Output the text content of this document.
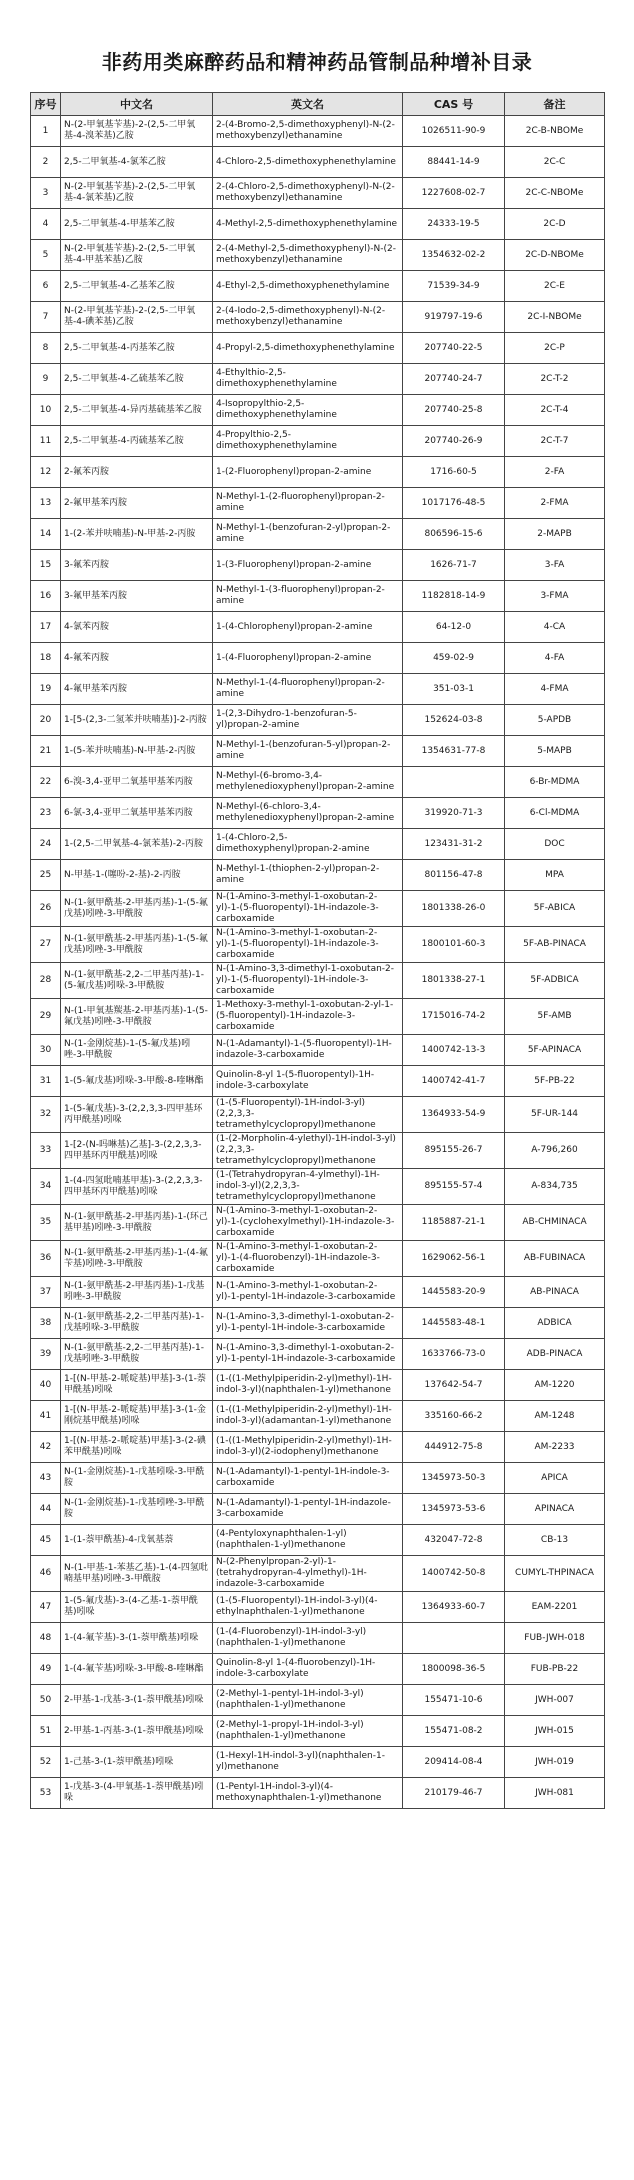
非药用类麻醉药品和精神药品管制品种增补目录
序号	中文名	英文名	CAS 号	备注
1	N-(2-甲氧基苄基)-2-(2,5-二甲氧基-4-溴苯基)乙胺	2-(4-Bromo-2,5-dimethoxyphenyl)-N-(2-methoxybenzyl)ethanamine	1026511-90-9	2C-B-NBOMe
2	2,5-二甲氧基-4-氯苯乙胺	4-Chloro-2,5-dimethoxyphenethylamine	88441-14-9	2C-C
3	N-(2-甲氧基苄基)-2-(2,5-二甲氧基-4-氯苯基)乙胺	2-(4-Chloro-2,5-dimethoxyphenyl)-N-(2-methoxybenzyl)ethanamine	1227608-02-7	2C-C-NBOMe
4	2,5-二甲氧基-4-甲基苯乙胺	4-Methyl-2,5-dimethoxyphenethylamine	24333-19-5	2C-D
5	N-(2-甲氧基苄基)-2-(2,5-二甲氧基-4-甲基苯基)乙胺	2-(4-Methyl-2,5-dimethoxyphenyl)-N-(2-methoxybenzyl)ethanamine	1354632-02-2	2C-D-NBOMe
6	2,5-二甲氧基-4-乙基苯乙胺	4-Ethyl-2,5-dimethoxyphenethylamine	71539-34-9	2C-E
7	N-(2-甲氧基苄基)-2-(2,5-二甲氧基-4-碘苯基)乙胺	2-(4-Iodo-2,5-dimethoxyphenyl)-N-(2-methoxybenzyl)ethanamine	919797-19-6	2C-I-NBOMe
8	2,5-二甲氧基-4-丙基苯乙胺	4-Propyl-2,5-dimethoxyphenethylamine	207740-22-5	2C-P
9	2,5-二甲氧基-4-乙硫基苯乙胺	4-Ethylthio-2,5-dimethoxyphenethylamine	207740-24-7	2C-T-2
10	2,5-二甲氧基-4-异丙基硫基苯乙胺	4-Isopropylthio-2,5-dimethoxyphenethylamine	207740-25-8	2C-T-4
11	2,5-二甲氧基-4-丙硫基苯乙胺	4-Propylthio-2,5-dimethoxyphenethylamine	207740-26-9	2C-T-7
12	2-氟苯丙胺	1-(2-Fluorophenyl)propan-2-amine	1716-60-5	2-FA
13	2-氟甲基苯丙胺	N-Methyl-1-(2-fluorophenyl)propan-2-amine	1017176-48-5	2-FMA
14	1-(2-苯并呋喃基)-N-甲基-2-丙胺	N-Methyl-1-(benzofuran-2-yl)propan-2-amine	806596-15-6	2-MAPB
15	3-氟苯丙胺	1-(3-Fluorophenyl)propan-2-amine	1626-71-7	3-FA
16	3-氟甲基苯丙胺	N-Methyl-1-(3-fluorophenyl)propan-2-amine	1182818-14-9	3-FMA
17	4-氯苯丙胺	1-(4-Chlorophenyl)propan-2-amine	64-12-0	4-CA
18	4-氟苯丙胺	1-(4-Fluorophenyl)propan-2-amine	459-02-9	4-FA
19	4-氟甲基苯丙胺	N-Methyl-1-(4-fluorophenyl)propan-2-amine	351-03-1	4-FMA
20	1-[5-(2,3-二氢苯并呋喃基)]-2-丙胺	1-(2,3-Dihydro-1-benzofuran-5-yl)propan-2-amine	152624-03-8	5-APDB
21	1-(5-苯并呋喃基)-N-甲基-2-丙胺	N-Methyl-1-(benzofuran-5-yl)propan-2-amine	1354631-77-8	5-MAPB
22	6-溴-3,4-亚甲二氧基甲基苯丙胺	N-Methyl-(6-bromo-3,4-methylenedioxyphenyl)propan-2-amine		6-Br-MDMA
23	6-氯-3,4-亚甲二氧基甲基苯丙胺	N-Methyl-(6-chloro-3,4-methylenedioxyphenyl)propan-2-amine	319920-71-3	6-Cl-MDMA
24	1-(2,5-二甲氧基-4-氯苯基)-2-丙胺	1-(4-Chloro-2,5-dimethoxyphenyl)propan-2-amine	123431-31-2	DOC
25	N-甲基-1-(噻吩-2-基)-2-丙胺	N-Methyl-1-(thiophen-2-yl)propan-2-amine	801156-47-8	MPA
26	N-(1-氨甲酰基-2-甲基丙基)-1-(5-氟戊基)吲唑-3-甲酰胺	N-(1-Amino-3-methyl-1-oxobutan-2-yl)-1-(5-fluoropentyl)-1H-indazole-3-carboxamide	1801338-26-0	5F-ABICA
27	N-(1-氨甲酰基-2-甲基丙基)-1-(5-氟戊基)吲唑-3-甲酰胺	N-(1-Amino-3-methyl-1-oxobutan-2-yl)-1-(5-fluoropentyl)-1H-indazole-3-carboxamide	1800101-60-3	5F-AB-PINACA
28	N-(1-氨甲酰基-2,2-二甲基丙基)-1-(5-氟戊基)吲哚-3-甲酰胺	N-(1-Amino-3,3-dimethyl-1-oxobutan-2-yl)-1-(5-fluoropentyl)-1H-indole-3-carboxamide	1801338-27-1	5F-ADBICA
29	N-(1-甲氧基羰基-2-甲基丙基)-1-(5-氟戊基)吲唑-3-甲酰胺	1-Methoxy-3-methyl-1-oxobutan-2-yl-1-(5-fluoropentyl)-1H-indazole-3-carboxamide	1715016-74-2	5F-AMB
30	N-(1-金刚烷基)-1-(5-氟戊基)吲唑-3-甲酰胺	N-(1-Adamantyl)-1-(5-fluoropentyl)-1H-indazole-3-carboxamide	1400742-13-3	5F-APINACA
31	1-(5-氟戊基)吲哚-3-甲酸-8-喹啉酯	Quinolin-8-yl 1-(5-fluoropentyl)-1H-indole-3-carboxylate	1400742-41-7	5F-PB-22
32	1-(5-氟戊基)-3-(2,2,3,3-四甲基环丙甲酰基)吲哚	(1-(5-Fluoropentyl)-1H-indol-3-yl)(2,2,3,3-tetramethylcyclopropyl)methanone	1364933-54-9	5F-UR-144
33	1-[2-(N-吗啉基)乙基]-3-(2,2,3,3-四甲基环丙甲酰基)吲哚	(1-(2-Morpholin-4-ylethyl)-1H-indol-3-yl)(2,2,3,3-tetramethylcyclopropyl)methanone	895155-26-7	A-796,260
34	1-(4-四氢吡喃基甲基)-3-(2,2,3,3-四甲基环丙甲酰基)吲哚	(1-(Tetrahydropyran-4-ylmethyl)-1H-indol-3-yl)(2,2,3,3-tetramethylcyclopropyl)methanone	895155-57-4	A-834,735
35	N-(1-氨甲酰基-2-甲基丙基)-1-(环己基甲基)吲唑-3-甲酰胺	N-(1-Amino-3-methyl-1-oxobutan-2-yl)-1-(cyclohexylmethyl)-1H-indazole-3-carboxamide	1185887-21-1	AB-CHMINACA
36	N-(1-氨甲酰基-2-甲基丙基)-1-(4-氟苄基)吲唑-3-甲酰胺	N-(1-Amino-3-methyl-1-oxobutan-2-yl)-1-(4-fluorobenzyl)-1H-indazole-3-carboxamide	1629062-56-1	AB-FUBINACA
37	N-(1-氨甲酰基-2-甲基丙基)-1-戊基吲唑-3-甲酰胺	N-(1-Amino-3-methyl-1-oxobutan-2-yl)-1-pentyl-1H-indazole-3-carboxamide	1445583-20-9	AB-PINACA
38	N-(1-氨甲酰基-2,2-二甲基丙基)-1-戊基吲哚-3-甲酰胺	N-(1-Amino-3,3-dimethyl-1-oxobutan-2-yl)-1-pentyl-1H-indole-3-carboxamide	1445583-48-1	ADBICA
39	N-(1-氨甲酰基-2,2-二甲基丙基)-1-戊基吲唑-3-甲酰胺	N-(1-Amino-3,3-dimethyl-1-oxobutan-2-yl)-1-pentyl-1H-indazole-3-carboxamide	1633766-73-0	ADB-PINACA
40	1-[(N-甲基-2-哌啶基)甲基]-3-(1-萘甲酰基)吲哚	(1-((1-Methylpiperidin-2-yl)methyl)-1H-indol-3-yl)(naphthalen-1-yl)methanone	137642-54-7	AM-1220
41	1-[(N-甲基-2-哌啶基)甲基]-3-(1-金刚烷基甲酰基)吲哚	(1-((1-Methylpiperidin-2-yl)methyl)-1H-indol-3-yl)(adamantan-1-yl)methanone	335160-66-2	AM-1248
42	1-[(N-甲基-2-哌啶基)甲基]-3-(2-碘苯甲酰基)吲哚	(1-((1-Methylpiperidin-2-yl)methyl)-1H-indol-3-yl)(2-iodophenyl)methanone	444912-75-8	AM-2233
43	N-(1-金刚烷基)-1-戊基吲哚-3-甲酰胺	N-(1-Adamantyl)-1-pentyl-1H-indole-3-carboxamide	1345973-50-3	APICA
44	N-(1-金刚烷基)-1-戊基吲唑-3-甲酰胺	N-(1-Adamantyl)-1-pentyl-1H-indazole-3-carboxamide	1345973-53-6	APINACA
45	1-(1-萘甲酰基)-4-戊氧基萘	(4-Pentyloxynaphthalen-1-yl)(naphthalen-1-yl)methanone	432047-72-8	CB-13
46	N-(1-甲基-1-苯基乙基)-1-(4-四氢吡喃基甲基)吲唑-3-甲酰胺	N-(2-Phenylpropan-2-yl)-1-(tetrahydropyran-4-ylmethyl)-1H-indazole-3-carboxamide	1400742-50-8	CUMYL-THPINACA
47	1-(5-氟戊基)-3-(4-乙基-1-萘甲酰基)吲哚	(1-(5-Fluoropentyl)-1H-indol-3-yl)(4-ethylnaphthalen-1-yl)methanone	1364933-60-7	EAM-2201
48	1-(4-氟苄基)-3-(1-萘甲酰基)吲哚	(1-(4-Fluorobenzyl)-1H-indol-3-yl)(naphthalen-1-yl)methanone		FUB-JWH-018
49	1-(4-氟苄基)吲哚-3-甲酸-8-喹啉酯	Quinolin-8-yl 1-(4-fluorobenzyl)-1H-indole-3-carboxylate	1800098-36-5	FUB-PB-22
50	2-甲基-1-戊基-3-(1-萘甲酰基)吲哚	(2-Methyl-1-pentyl-1H-indol-3-yl)(naphthalen-1-yl)methanone	155471-10-6	JWH-007
51	2-甲基-1-丙基-3-(1-萘甲酰基)吲哚	(2-Methyl-1-propyl-1H-indol-3-yl)(naphthalen-1-yl)methanone	155471-08-2	JWH-015
52	1-己基-3-(1-萘甲酰基)吲哚	(1-Hexyl-1H-indol-3-yl)(naphthalen-1-yl)methanone	209414-08-4	JWH-019
53	1-戊基-3-(4-甲氧基-1-萘甲酰基)吲哚	(1-Pentyl-1H-indol-3-yl)(4-methoxynaphthalen-1-yl)methanone	210179-46-7	JWH-081
